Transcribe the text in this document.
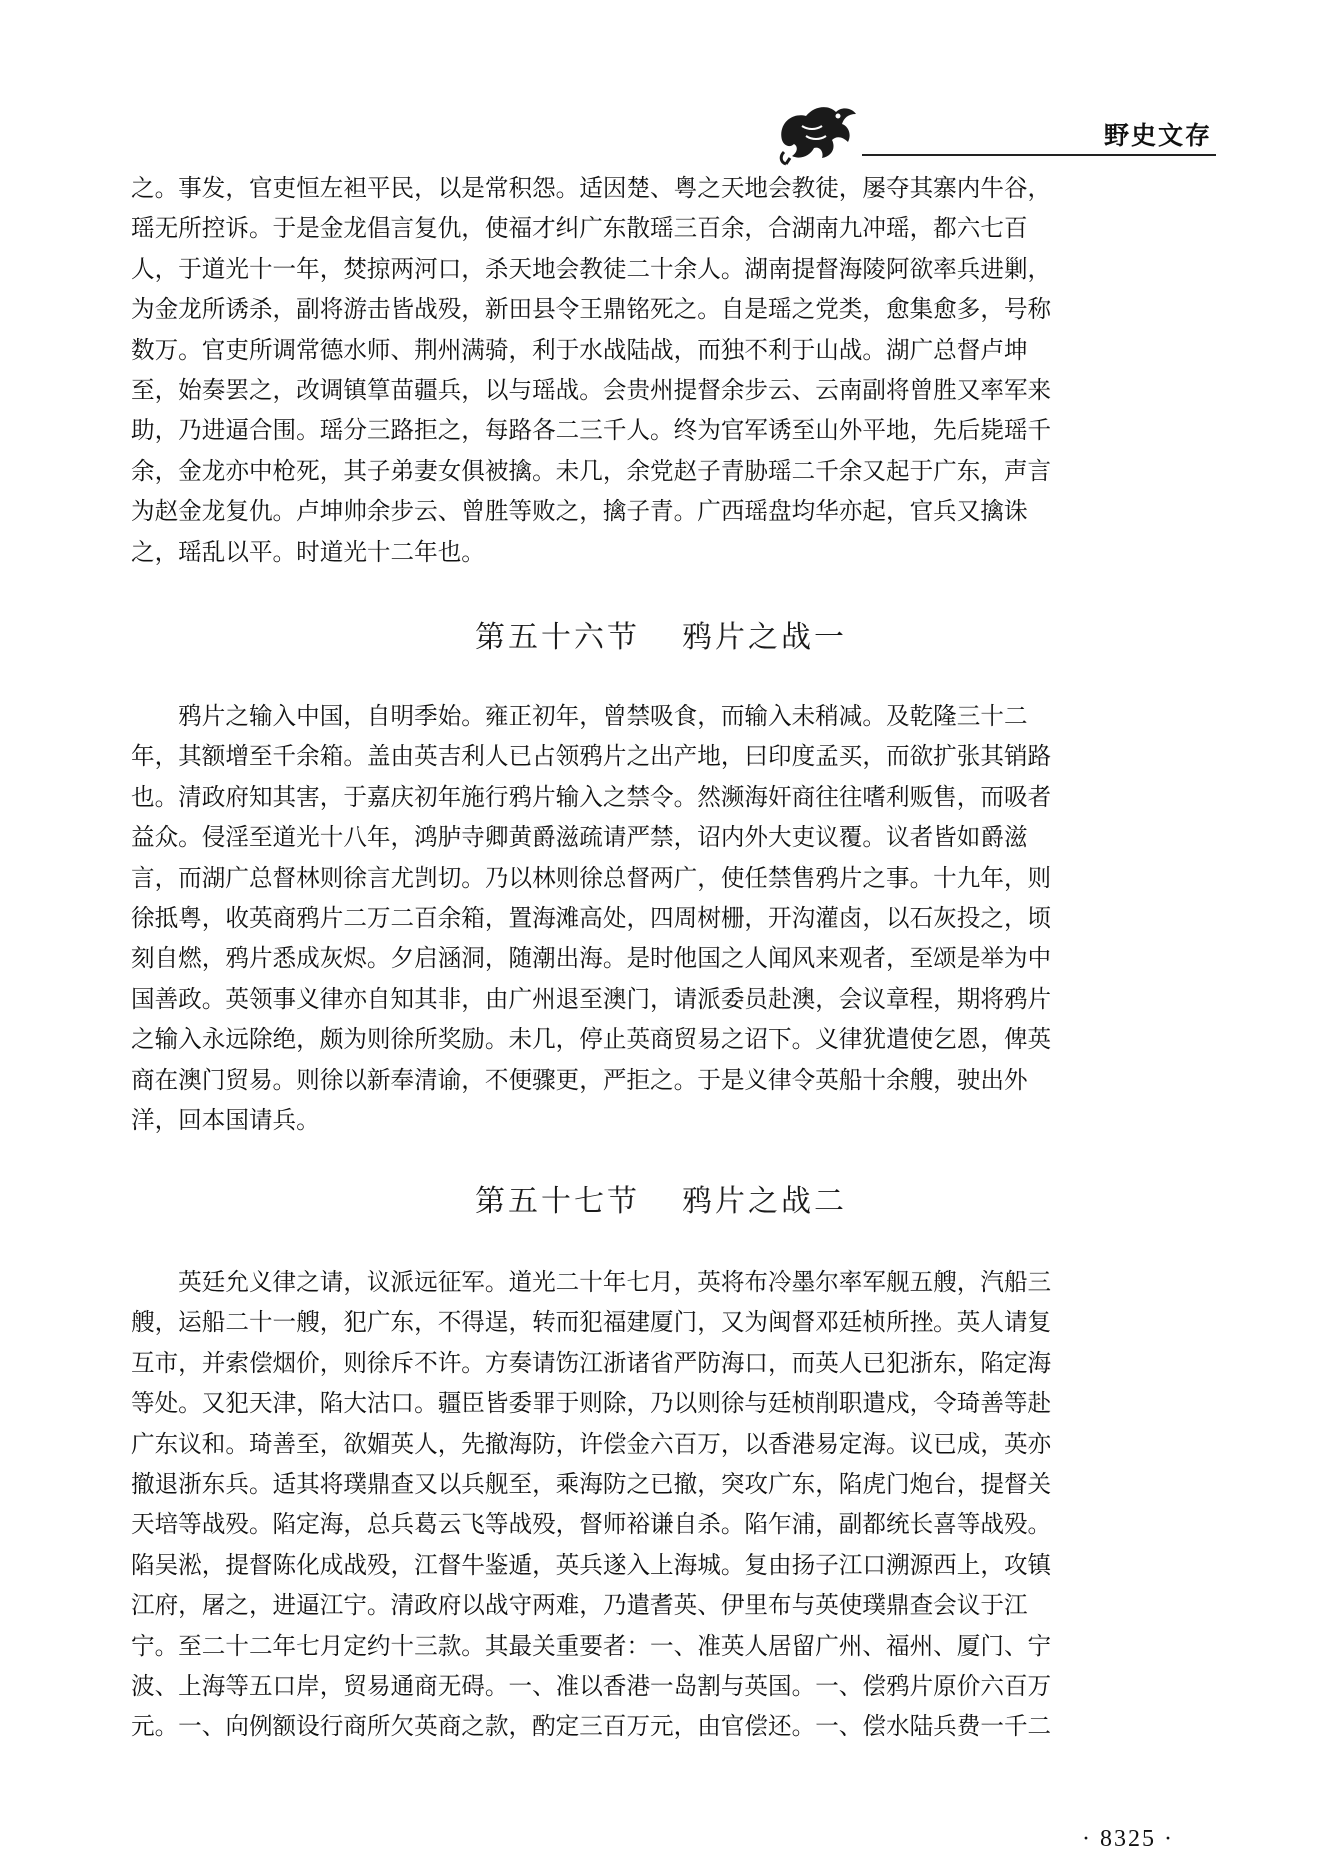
野史文存
之。事发，官吏恒左袒平民，以是常积怨。适因楚、粤之天地会教徒，屡夺其寨内牛谷，
瑶无所控诉。于是金龙倡言复仇，使福才纠广东散瑶三百余，合湖南九冲瑶，都六七百
人，于道光十一年，焚掠两河口，杀天地会教徒二十余人。湖南提督海陵阿欲率兵进剿，
为金龙所诱杀，副将游击皆战殁，新田县令王鼎铭死之。自是瑶之党类，愈集愈多，号称
数万。官吏所调常德水师、荆州满骑，利于水战陆战，而独不利于山战。湖广总督卢坤
至，始奏罢之，改调镇筸苗疆兵，以与瑶战。会贵州提督余步云、云南副将曾胜又率军来
助，乃进逼合围。瑶分三路拒之，每路各二三千人。终为官军诱至山外平地，先后毙瑶千
余，金龙亦中枪死，其子弟妻女俱被擒。未几，余党赵子青胁瑶二千余又起于广东，声言
为赵金龙复仇。卢坤帅余步云、曾胜等败之，擒子青。广西瑶盘均华亦起，官兵又擒诛
之，瑶乱以平。时道光十二年也。
第五十六节 鸦片之战一
　　鸦片之输入中国，自明季始。雍正初年，曾禁吸食，而输入未稍减。及乾隆三十二
年，其额增至千余箱。盖由英吉利人已占领鸦片之出产地，曰印度孟买，而欲扩张其销路
也。清政府知其害，于嘉庆初年施行鸦片输入之禁令。然濒海奸商往往嗜利贩售，而吸者
益众。侵淫至道光十八年，鸿胪寺卿黄爵滋疏请严禁，诏内外大吏议覆。议者皆如爵滋
言，而湖广总督林则徐言尤剀切。乃以林则徐总督两广，使任禁售鸦片之事。十九年，则
徐抵粤，收英商鸦片二万二百余箱，置海滩高处，四周树栅，开沟灌卤，以石灰投之，顷
刻自燃，鸦片悉成灰烬。夕启涵洞，随潮出海。是时他国之人闻风来观者，至颂是举为中
国善政。英领事义律亦自知其非，由广州退至澳门，请派委员赴澳，会议章程，期将鸦片
之输入永远除绝，颇为则徐所奖励。未几，停止英商贸易之诏下。义律犹遣使乞恩，俾英
商在澳门贸易。则徐以新奉清谕，不便骤更，严拒之。于是义律令英船十余艘，驶出外
洋，回本国请兵。
第五十七节 鸦片之战二
　　英廷允义律之请，议派远征军。道光二十年七月，英将布冷墨尔率军舰五艘，汽船三
艘，运船二十一艘，犯广东，不得逞，转而犯福建厦门，又为闽督邓廷桢所挫。英人请复
互市，并索偿烟价，则徐斥不许。方奏请饬江浙诸省严防海口，而英人已犯浙东，陷定海
等处。又犯天津，陷大沽口。疆臣皆委罪于则除，乃以则徐与廷桢削职遣戍，令琦善等赴
广东议和。琦善至，欲媚英人，先撤海防，许偿金六百万，以香港易定海。议已成，英亦
撤退浙东兵。适其将璞鼎查又以兵舰至，乘海防之已撤，突攻广东，陷虎门炮台，提督关
天培等战殁。陷定海，总兵葛云飞等战殁，督师裕谦自杀。陷乍浦，副都统长喜等战殁。
陷吴淞，提督陈化成战殁，江督牛鉴遁，英兵遂入上海城。复由扬子江口溯源西上，攻镇
江府，屠之，进逼江宁。清政府以战守两难，乃遣耆英、伊里布与英使璞鼎查会议于江
宁。至二十二年七月定约十三款。其最关重要者：一、准英人居留广州、福州、厦门、宁
波、上海等五口岸，贸易通商无碍。一、准以香港一岛割与英国。一、偿鸦片原价六百万
元。一、向例额设行商所欠英商之款，酌定三百万元，由官偿还。一、偿水陆兵费一千二
· 8325 ·
